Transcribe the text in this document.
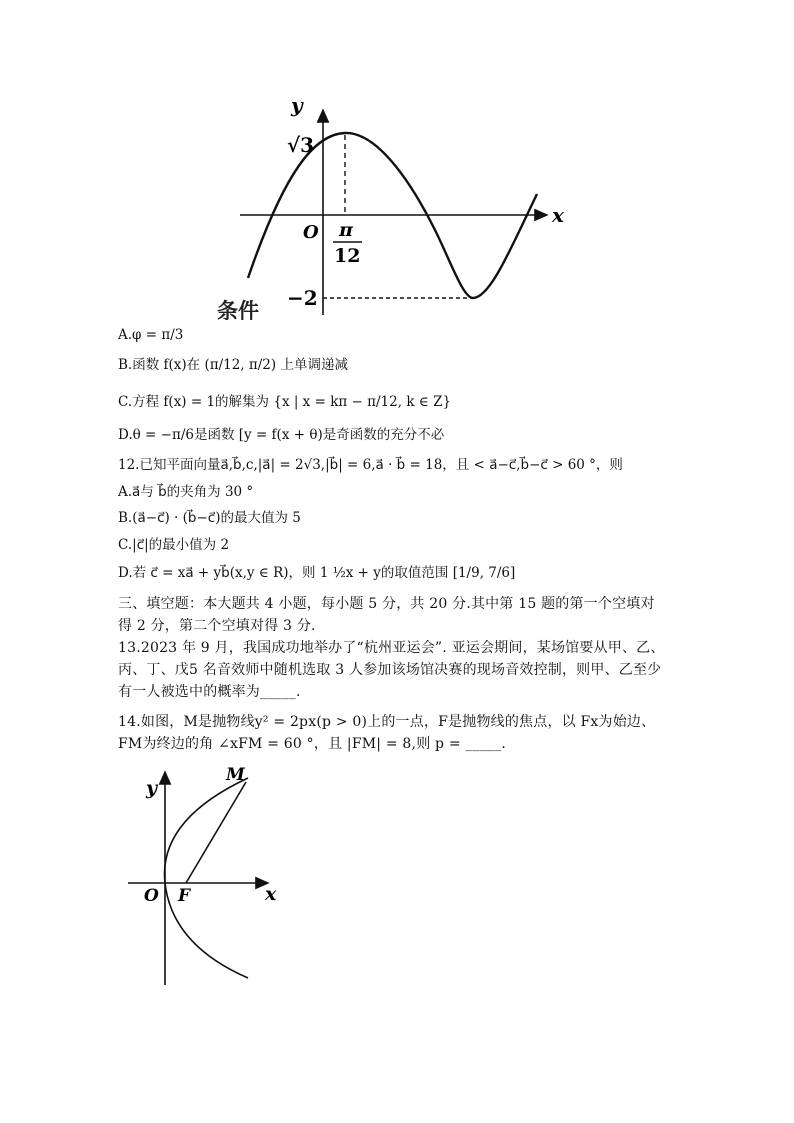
y
x
O
√3
−2
π
12
条件
A.φ = π/3
B.函数 f(x)在 (π/12, π/2) 上单调递减
C.方程 f(x) = 1的解集为 {x | x = kπ − π/12, k ∈ Z}
D.θ = −π/6是函数 [y = f(x + θ)是奇函数的充分不必
12.已知平面向量a⃗,b⃗,c,|a⃗| = 2√3,|b⃗| = 6,a⃗ · b⃗ = 18，且 < a⃗−c⃗,b⃗−c⃗ > 60 °，则
A.a⃗与 b⃗的夹角为 30 °
B.(a⃗−c⃗) · (b⃗−c⃗)的最大值为 5
C.|c⃗|的最小值为 2
D.若 c⃗ = xa⃗ + yb⃗(x,y ∈ R)，则 1 ½x + y的取值范围 [1/9, 7/6]
三、填空题：本大题共 4 小题，每小题 5 分，共 20 分.其中第 15 题的第一个空填对得 2 分，第二个空填对得 3 分.
13.2023 年 9 月，我国成功地举办了“杭州亚运会”. 亚运会期间，某场馆要从甲、乙、丙、丁、戊5 名音效师中随机选取 3 人参加该场馆决赛的现场音效控制，则甲、乙至少有一人被选中的概率为_____.
14.如图，M是抛物线y² = 2px(p > 0)上的一点，F是抛物线的焦点，以 Fx为始边、FM为终边的角 ∠xFM = 60 °，且 |FM| = 8,则 p = _____.
y
x
O F
M
